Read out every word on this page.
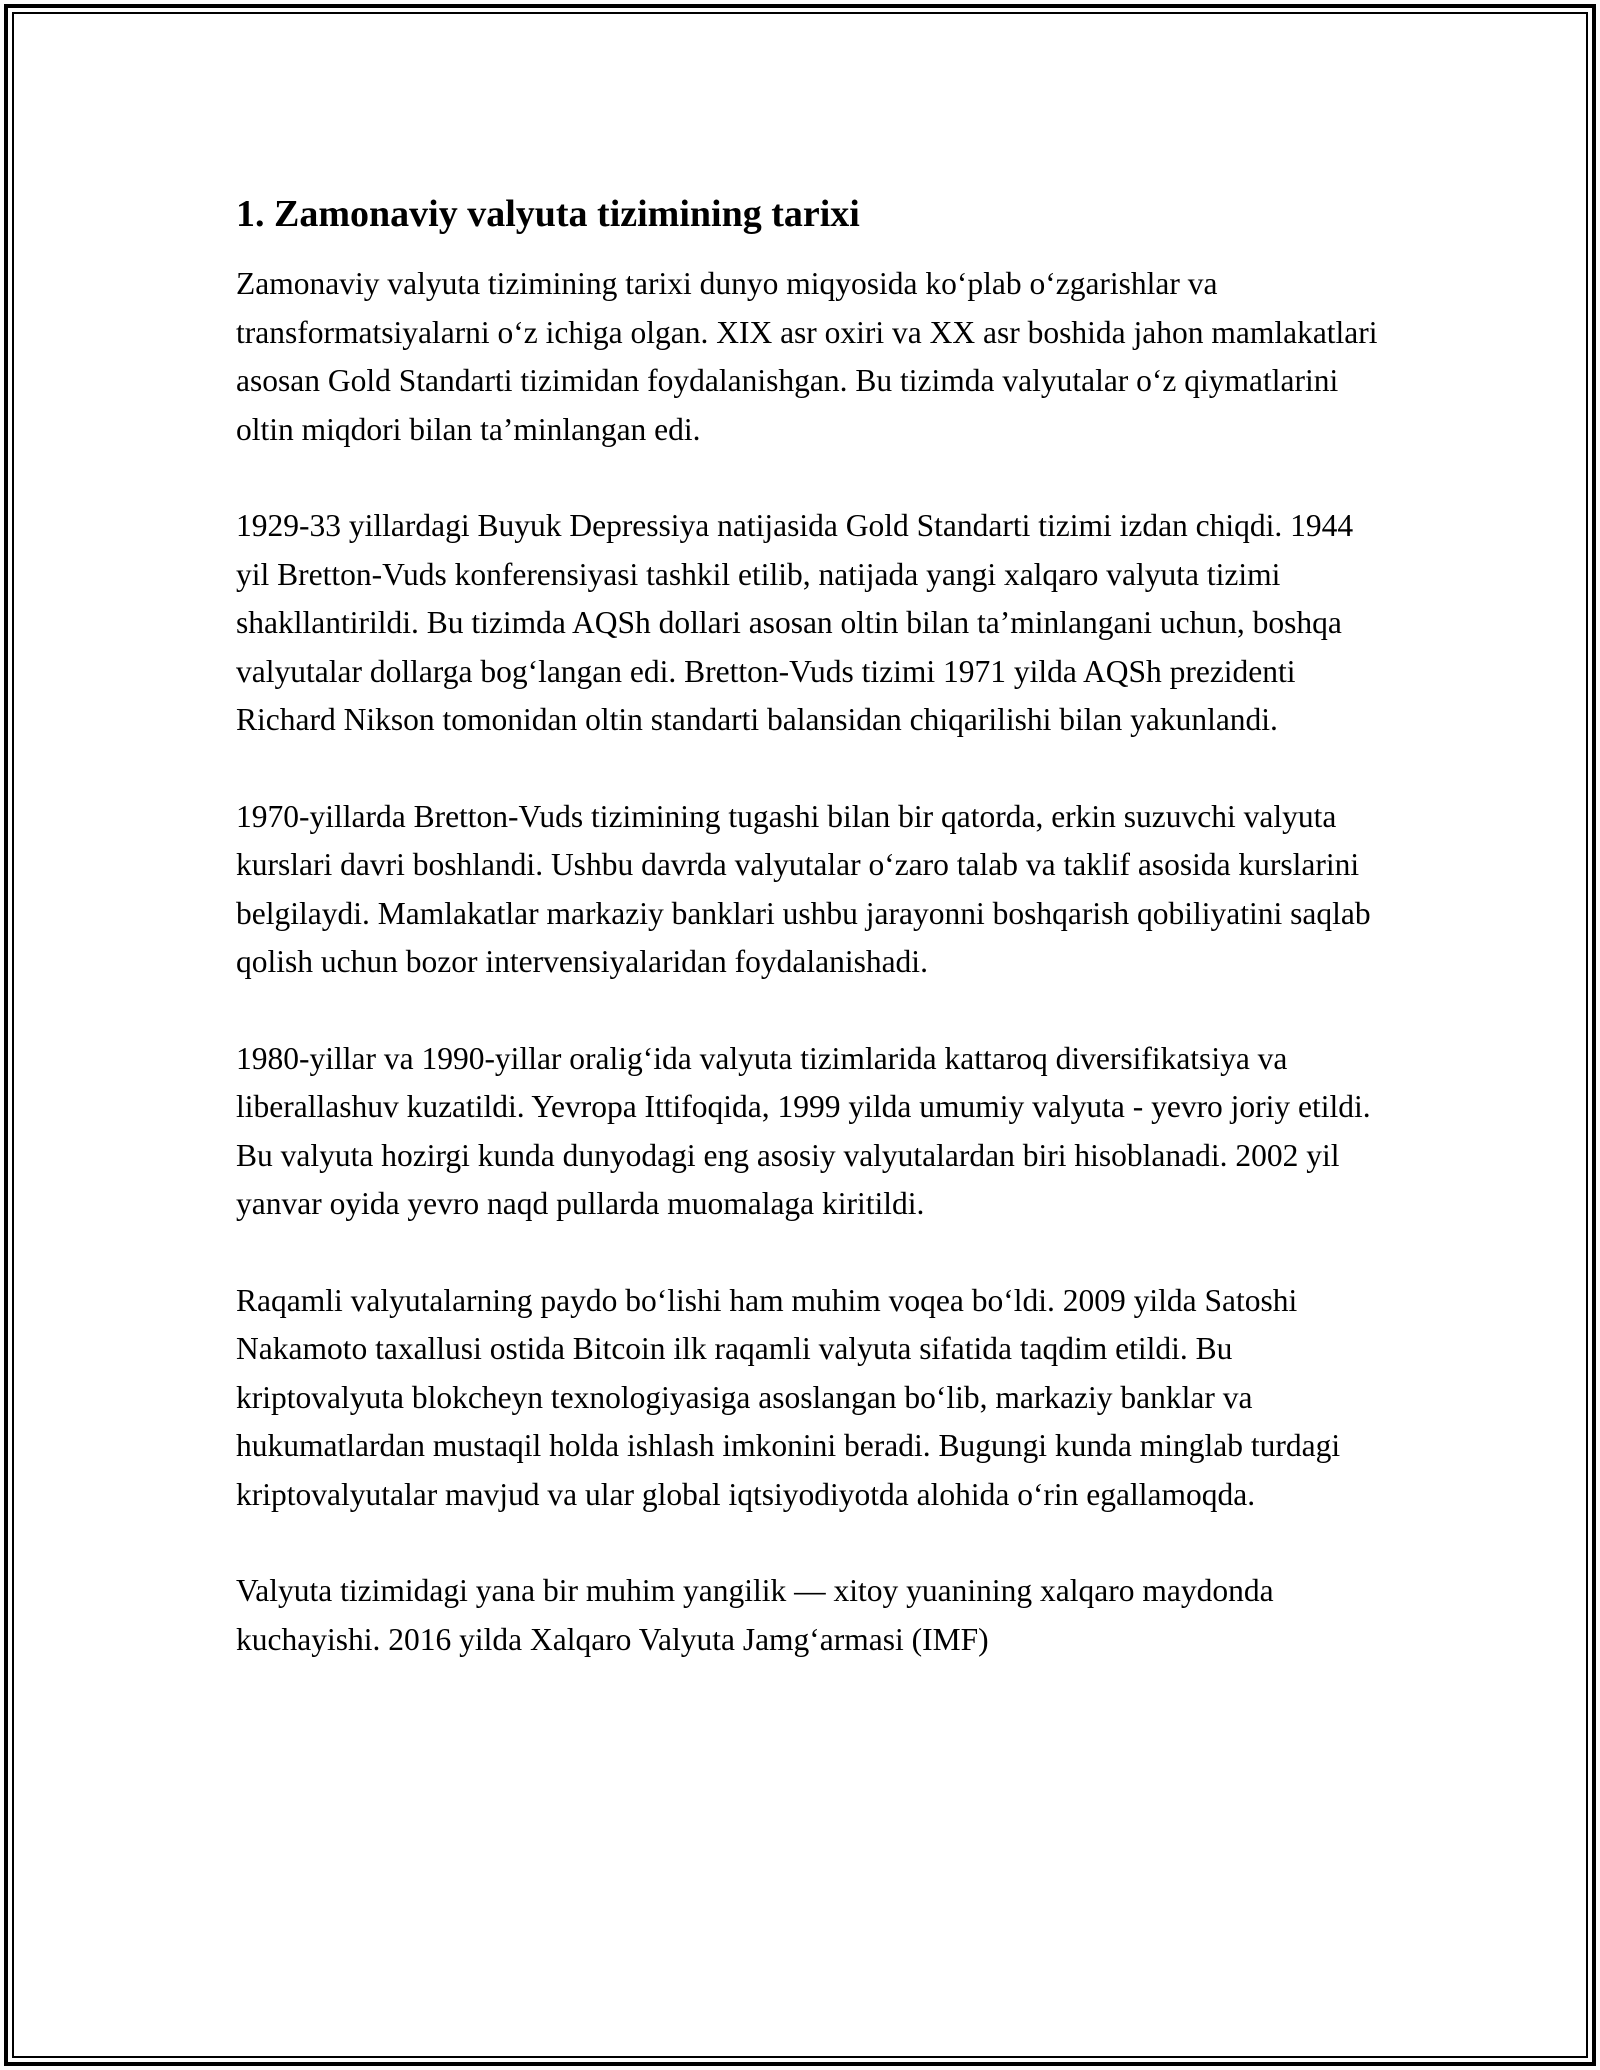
1. Zamonaviy valyuta tizimining tarixi

Zamonaviy valyuta tizimining tarixi dunyo miqyosida ko‘plab o‘zgarishlar va transformatsiyalarni o‘z ichiga olgan. XIX asr oxiri va XX asr boshida jahon mamlakatlari asosan Gold Standarti tizimidan foydalanishgan. Bu tizimda valyutalar o‘z qiymatlarini oltin miqdori bilan ta’minlangan edi.

1929-33 yillardagi Buyuk Depressiya natijasida Gold Standarti tizimi izdan chiqdi. 1944 yil Bretton-Vuds konferensiyasi tashkil etilib, natijada yangi xalqaro valyuta tizimi shakllantirildi. Bu tizimda AQSh dollari asosan oltin bilan ta’minlangani uchun, boshqa valyutalar dollarga bog‘langan edi. Bretton-Vuds tizimi 1971 yilda AQSh prezidenti Richard Nikson tomonidan oltin standarti balansidan chiqarilishi bilan yakunlandi.

1970-yillarda Bretton-Vuds tizimining tugashi bilan bir qatorda, erkin suzuvchi valyuta kurslari davri boshlandi. Ushbu davrda valyutalar o‘zaro talab va taklif asosida kurslarini belgilaydi. Mamlakatlar markaziy banklari ushbu jarayonni boshqarish qobiliyatini saqlab qolish uchun bozor intervensiyalaridan foydalanishadi.

1980-yillar va 1990-yillar oralig‘ida valyuta tizimlarida kattaroq diversifikatsiya va liberallashuv kuzatildi. Yevropa Ittifoqida, 1999 yilda umumiy valyuta - yevro joriy etildi. Bu valyuta hozirgi kunda dunyodagi eng asosiy valyutalardan biri hisoblanadi. 2002 yil yanvar oyida yevro naqd pullarda muomalaga kiritildi.

Raqamli valyutalarning paydo bo‘lishi ham muhim voqea bo‘ldi. 2009 yilda Satoshi Nakamoto taxallusi ostida Bitcoin ilk raqamli valyuta sifatida taqdim etildi. Bu kriptovalyuta blokcheyn texnologiyasiga asoslangan bo‘lib, markaziy banklar va hukumatlardan mustaqil holda ishlash imkonini beradi. Bugungi kunda minglab turdagi kriptovalyutalar mavjud va ular global iqtsiyodiyotda alohida o‘rin egallamoqda.

Valyuta tizimidagi yana bir muhim yangilik — xitoy yuanining xalqaro maydonda kuchayishi. 2016 yilda Xalqaro Valyuta Jamg‘armasi (IMF)
